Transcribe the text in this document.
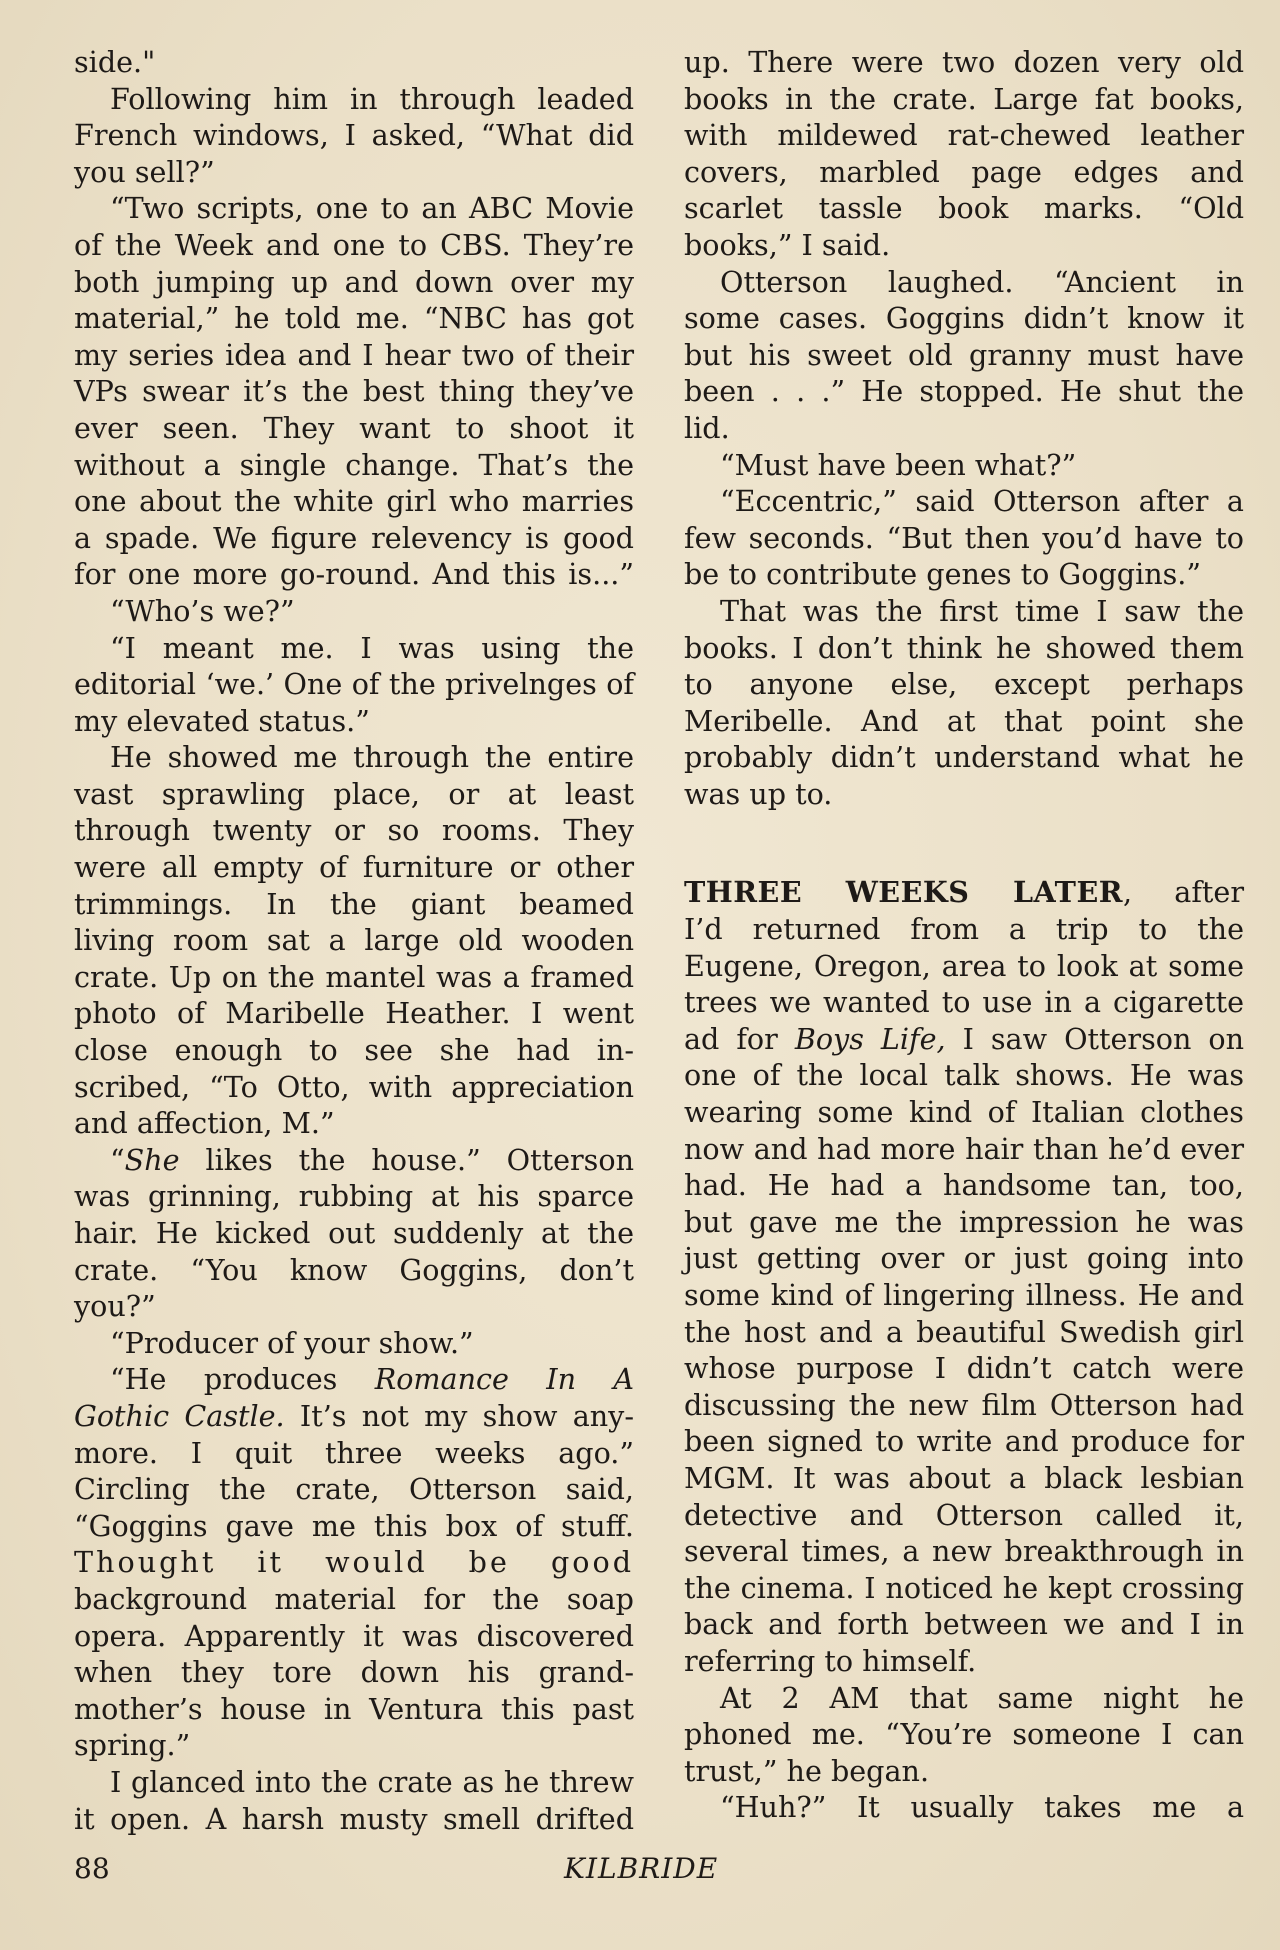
side."
Following him in through leaded
French windows, I asked, “What did
you sell?”
“Two scripts, one to an ABC Movie
of the Week and one to CBS. They’re
both jumping up and down over my
material,” he told me. “NBC has got
my series idea and I hear two of their
VPs swear it’s the best thing they’ve
ever seen. They want to shoot it
without a single change. That’s the
one about the white girl who marries
a spade. We figure relevency is good
for one more go-round. And this is...”
“Who’s we?”
“I meant me. I was using the
editorial ‘we.’ One of the privelnges of
my elevated status.”
He showed me through the entire
vast sprawling place, or at least
through twenty or so rooms. They
were all empty of furniture or other
trimmings. In the giant beamed
living room sat a large old wooden
crate. Up on the mantel was a framed
photo of Maribelle Heather. I went
close enough to see she had in-
scribed, “To Otto, with appreciation
and affection, M.”
“She likes the house.” Otterson
was grinning, rubbing at his sparce
hair. He kicked out suddenly at the
crate. “You know Goggins, don’t
you?”
“Producer of your show.”
“He produces Romance In A
Gothic Castle. It’s not my show any-
more. I quit three weeks ago.”
Circling the crate, Otterson said,
“Goggins gave me this box of stuff.
Thought it would be good
background material for the soap
opera. Apparently it was discovered
when they tore down his grand-
mother’s house in Ventura this past
spring.”
I glanced into the crate as he threw
it open. A harsh musty smell drifted
up. There were two dozen very old
books in the crate. Large fat books,
with mildewed rat-chewed leather
covers, marbled page edges and
scarlet tassle book marks. “Old
books,” I said.
Otterson laughed. “Ancient in
some cases. Goggins didn’t know it
but his sweet old granny must have
been . . .” He stopped. He shut the
lid.
“Must have been what?”
“Eccentric,” said Otterson after a
few seconds. “But then you’d have to
be to contribute genes to Goggins.”
That was the first time I saw the
books. I don’t think he showed them
to anyone else, except perhaps
Meribelle. And at that point she
probably didn’t understand what he
was up to.
THREE WEEKS LATER, after
I’d returned from a trip to the
Eugene, Oregon, area to look at some
trees we wanted to use in a cigarette
ad for Boys Life, I saw Otterson on
one of the local talk shows. He was
wearing some kind of Italian clothes
now and had more hair than he’d ever
had. He had a handsome tan, too,
but gave me the impression he was
just getting over or just going into
some kind of lingering illness. He and
the host and a beautiful Swedish girl
whose purpose I didn’t catch were
discussing the new film Otterson had
been signed to write and produce for
MGM. It was about a black lesbian
detective and Otterson called it,
several times, a new breakthrough in
the cinema. I noticed he kept crossing
back and forth between we and I in
referring to himself.
At 2 AM that same night he
phoned me. “You’re someone I can
trust,” he began.
“Huh?” It usually takes me a
88	KILBRIDE
